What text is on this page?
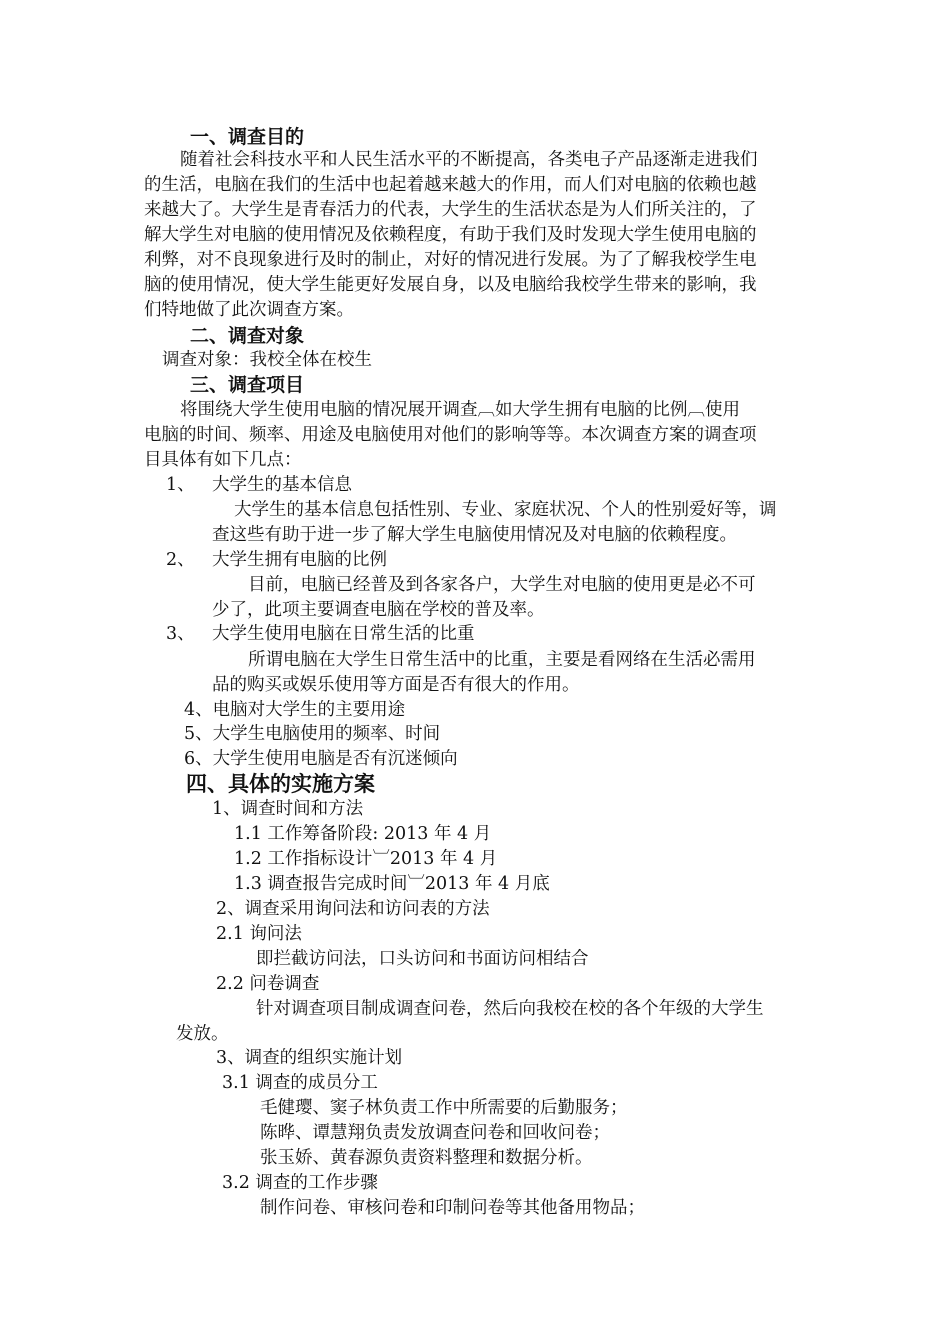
一、调查目的
随着社会科技水平和人民生活水平的不断提高，各类电子产品逐渐走进我们
的生活，电脑在我们的生活中也起着越来越大的作用，而人们对电脑的依赖也越
来越大了。大学生是青春活力的代表，大学生的生活状态是为人们所关注的，了
解大学生对电脑的使用情况及依赖程度，有助于我们及时发现大学生使用电脑的
利弊，对不良现象进行及时的制止，对好的情况进行发展。为了了解我校学生电
脑的使用情况，使大学生能更好发展自身，以及电脑给我校学生带来的影响，我
们特地做了此次调查方案。
二、调查对象
调查对象：我校全体在校生
三、调查项目
将围绕大学生使用电脑的情况展开调查︹如大学生拥有电脑的比例︹使用
电脑的时间、频率、用途及电脑使用对他们的影响等等。本次调查方案的调查项
目具体有如下几点：
1、 大学生的基本信息
大学生的基本信息包括性别、专业、家庭状况、个人的性别爱好等，调
查这些有助于进一步了解大学生电脑使用情况及对电脑的依赖程度。
2、 大学生拥有电脑的比例
目前，电脑已经普及到各家各户，大学生对电脑的使用更是必不可
少了，此项主要调查电脑在学校的普及率。
3、 大学生使用电脑在日常生活的比重
所谓电脑在大学生日常生活中的比重，主要是看网络在生活必需用
品的购买或娱乐使用等方面是否有很大的作用。
4、电脑对大学生的主要用途
5、大学生电脑使用的频率、时间
6、大学生使用电脑是否有沉迷倾向
四、具体的实施方案
1、调查时间和方法
1.1 工作筹备阶段: 2013 年 4 月
1.2 工作指标设计︺2013 年 4 月
1.3 调查报告完成时间︺2013 年 4 月底
2、调查采用询问法和访问表的方法
2.1 询问法
即拦截访问法，口头访问和书面访问相结合
2.2 问卷调查
针对调查项目制成调查问卷，然后向我校在校的各个年级的大学生
发放。
3、调查的组织实施计划
3.1 调查的成员分工
毛健璎、窦子林负责工作中所需要的后勤服务；
陈晔、谭慧翔负责发放调查问卷和回收问卷；
张玉娇、黄春源负责资料整理和数据分析。
3.2 调查的工作步骤
制作问卷、审核问卷和印制问卷等其他备用物品；
